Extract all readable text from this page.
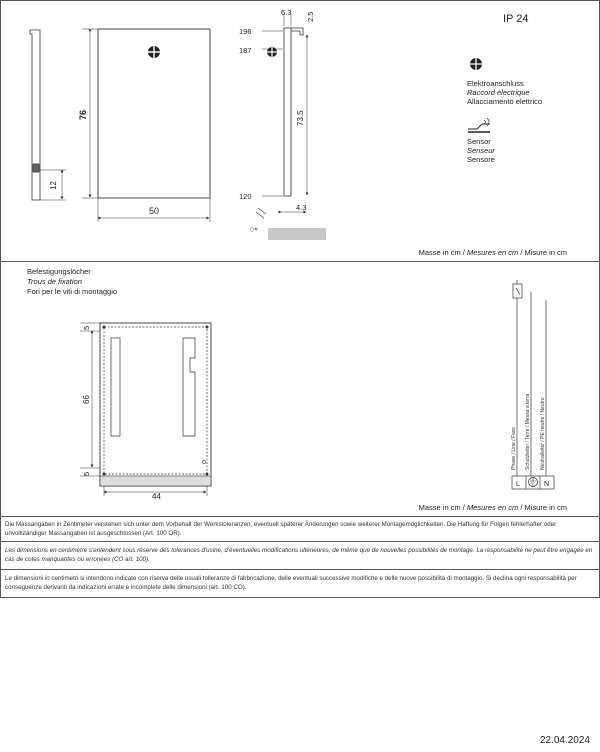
12
76
50
6.3 2.5
196
187
73.5
120
4.3
0
IP 24
Elektroanschluss
Raccord électrique
Allacciamento elettrico
Sensor
Senseur
Sensore
Masse in cm / Mesures en cm / Misure in cm
Befestigungslöcher
Trous de fixation
Fori per le viti di montaggio
5
66
5
44
L	N
Phase / Line / Fase Schutzleiter / Terre / Messa a terra Neutralleiter / PE neutre / Neutro
Masse in cm / Mesures en cm / Misure in cm
Die Massangaben in Zentimeter verstehen sich unter dem Vorbehalt der Werkstoleranzen, eventuell späterer Änderungen sowie weiterer Montagemöglichkeiten. Die Haftung für Folgen fehlerhafter oder unvollständiger Massangaben ist ausgeschlossen (Art. 100 OR).
Les dimensions en centimètre s'entendent sous réserve des tolérances d'usine, d'éventuelles modifications ultérieures, de même que de nouvelles possibilités de montage. La responsabilité ne peut être engagée en cas de cotes manquantes ou erronées (CO art. 100).
Le dimensioni in centimetri si intendono indicate con riserva delle usuali tolleranze di fabbricazione, delle eventuali successive modifiche e delle nuove possibilità di montaggio. Si declina ogni responsabilità per conseguenze derivanti da indicazioni errate e incomplete delle dimensioni (art. 100 CO).
22.04.2024
